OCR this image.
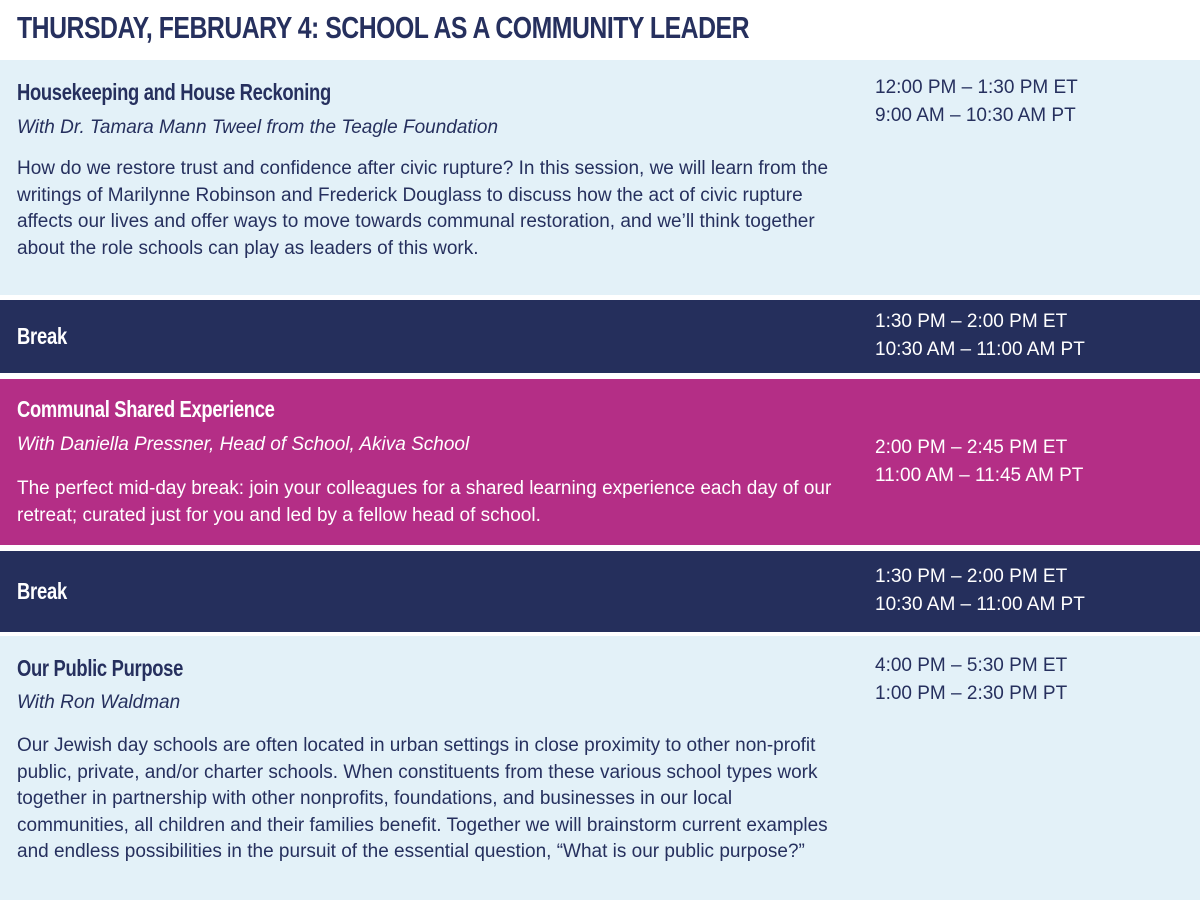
THURSDAY, FEBRUARY 4: SCHOOL AS A COMMUNITY LEADER
Housekeeping and House Reckoning
With Dr. Tamara Mann Tweel from the Teagle Foundation

How do we restore trust and confidence after civic rupture? In this session, we will learn from the writings of Marilynne Robinson and Frederick Douglass to discuss how the act of civic rupture affects our lives and offer ways to move towards communal restoration, and we’ll think together about the role schools can play as leaders of this work.

12:00 PM – 1:30 PM ET
9:00 AM – 10:30 AM PT
Break
1:30 PM – 2:00 PM ET
10:30 AM – 11:00 AM PT
Communal Shared Experience
With Daniella Pressner, Head of School, Akiva School

The perfect mid-day break: join your colleagues for a shared learning experience each day of our retreat; curated just for you and led by a fellow head of school.

2:00 PM – 2:45 PM ET
11:00 AM – 11:45 AM PT
Break
1:30 PM – 2:00 PM ET
10:30 AM – 11:00 AM PT
Our Public Purpose
With Ron Waldman

Our Jewish day schools are often located in urban settings in close proximity to other non-profit public, private, and/or charter schools. When constituents from these various school types work together in partnership with other nonprofits, foundations, and businesses in our local communities, all children and their families benefit. Together we will brainstorm current examples and endless possibilities in the pursuit of the essential question, “What is our public purpose?”

4:00 PM – 5:30 PM ET
1:00 PM – 2:30 PM PT
